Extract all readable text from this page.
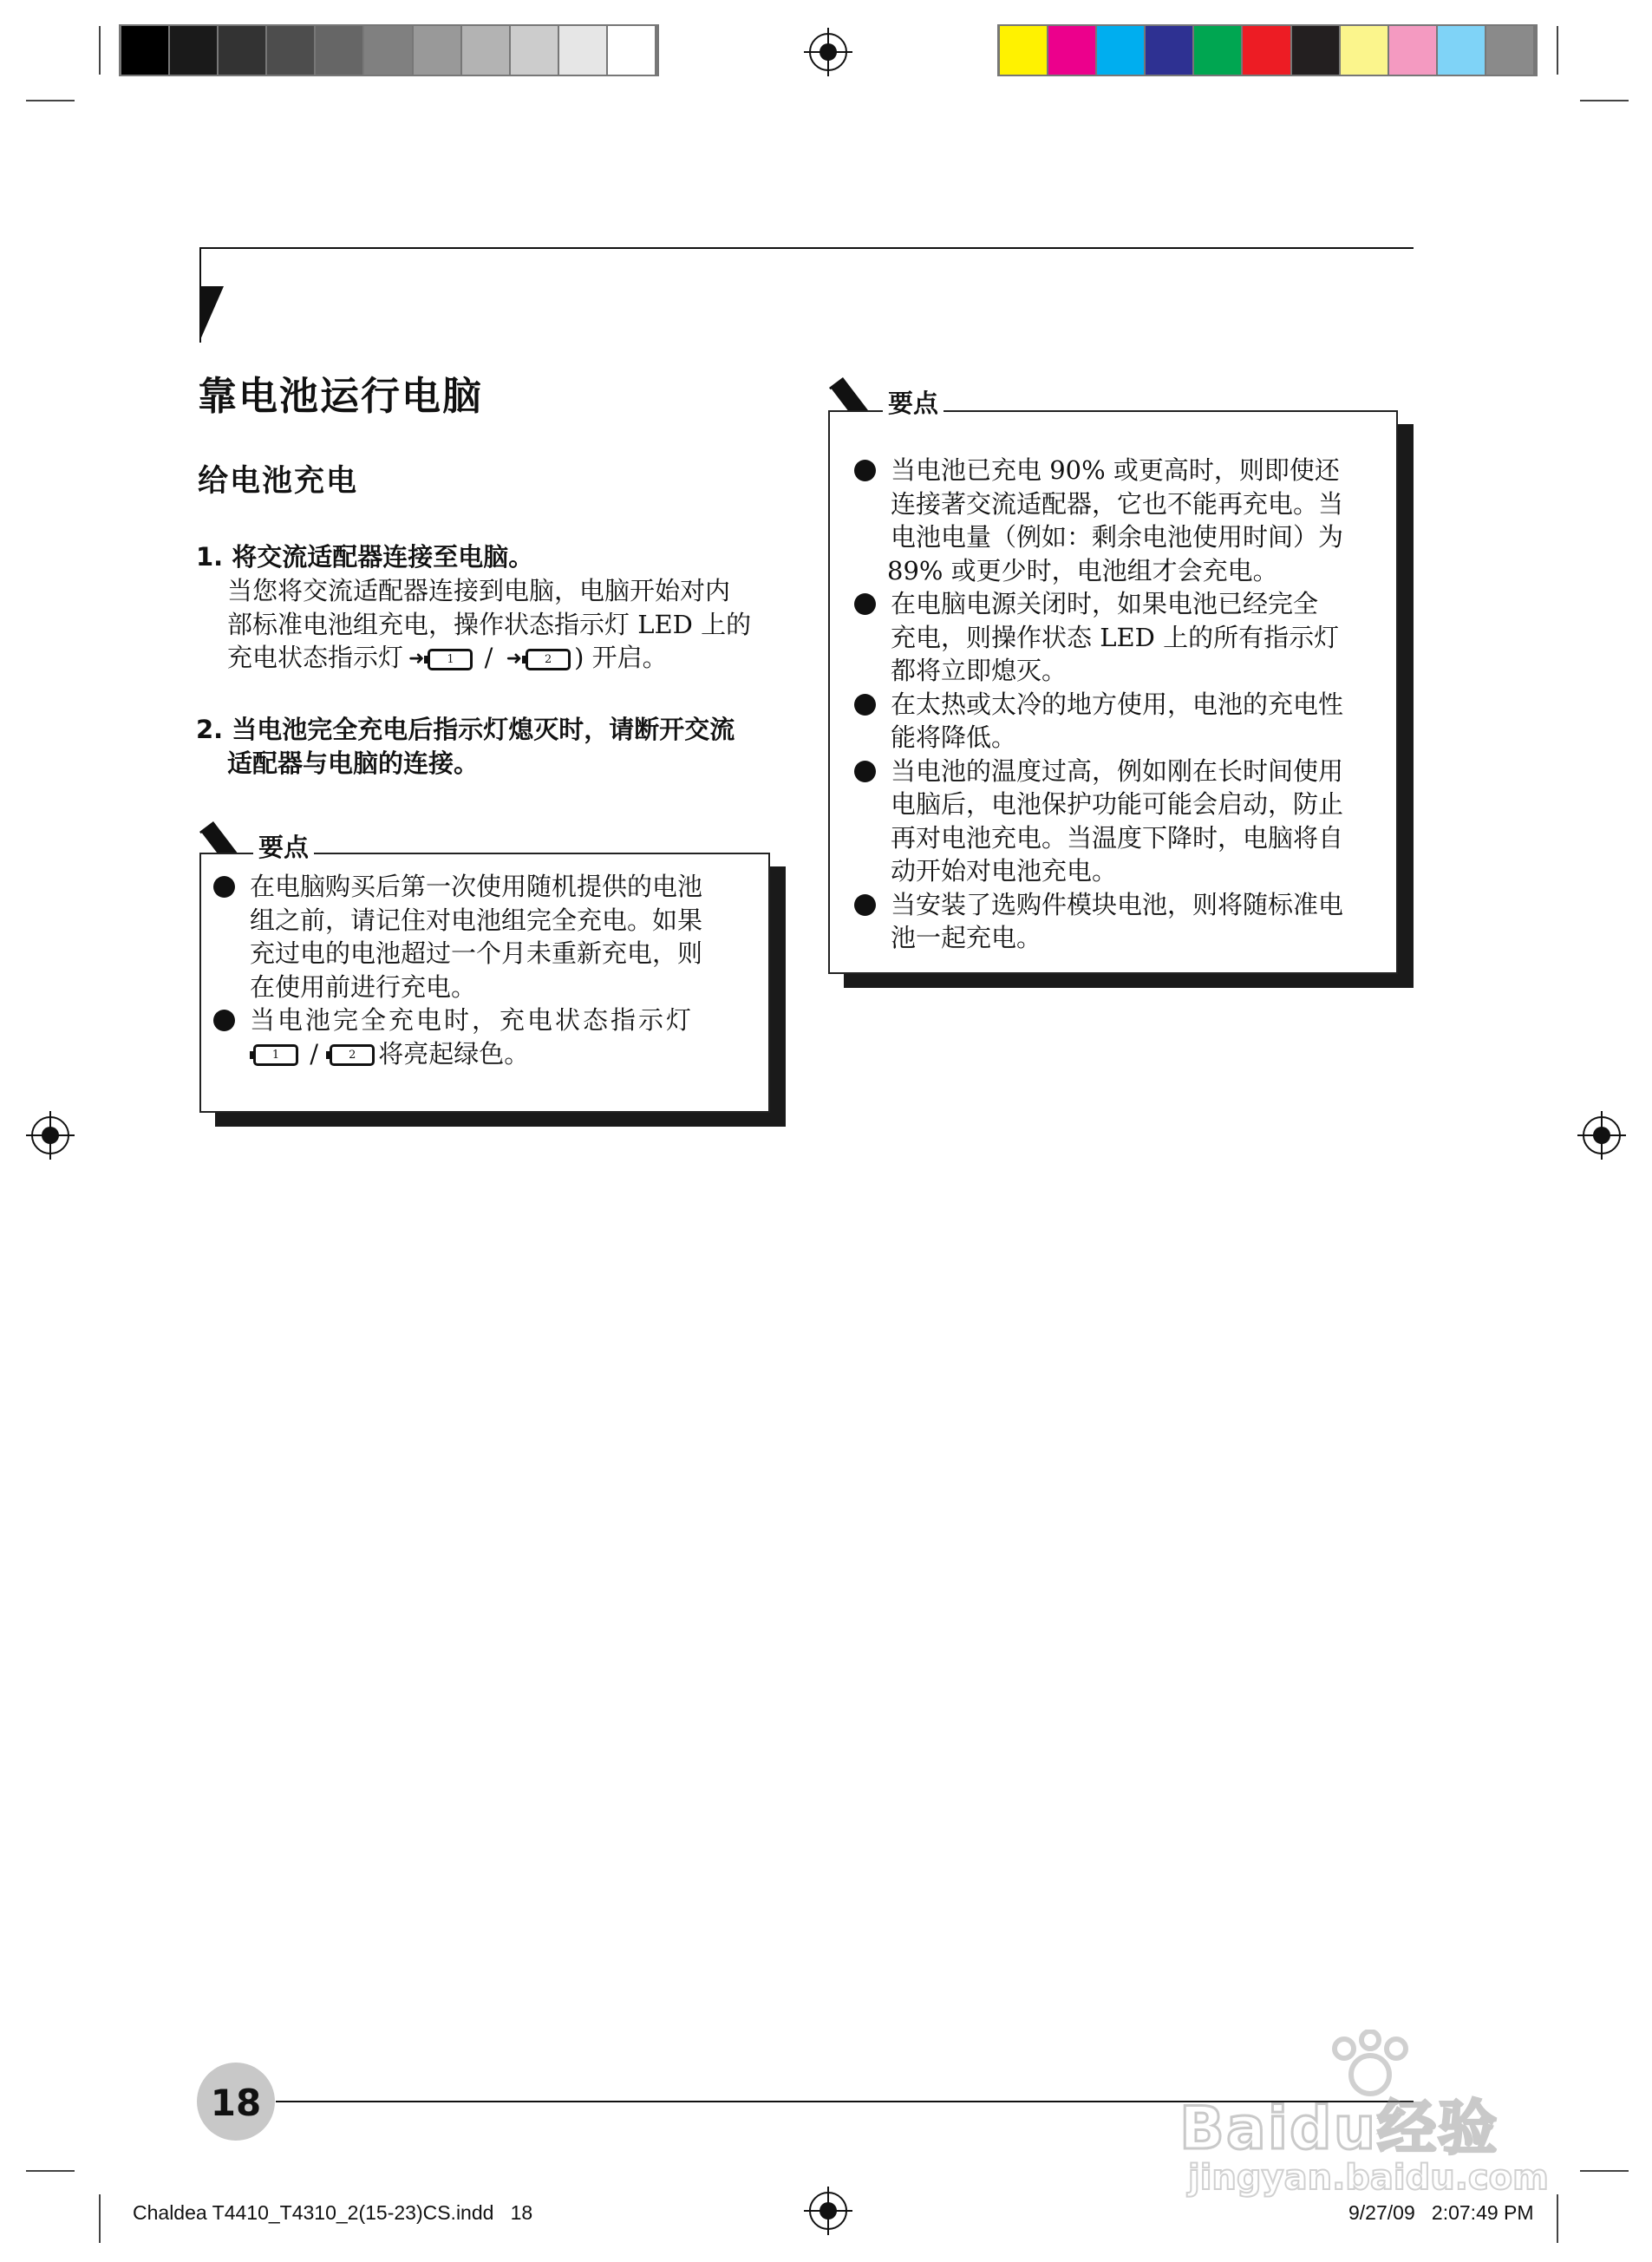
靠电池运行电脑
给电池充电
1. 将交流适配器连接至电脑。
当您将交流适配器连接到电脑，电脑开始对内
部标准电池组充电，操作状态指示灯 LED 上的
充电状态指示灯 ➜ 1 / ➜ 2 ) 开启。
2. 当电池完全充电后指示灯熄灭时，请断开交流
适配器与电脑的连接。
在电脑购买后第一次使用随机提供的电池
组之前，请记住对电池组完全充电。如果
充过电的电池超过一个月未重新充电，则
在使用前进行充电。
当电池完全充电时，充电状态指示灯
1 /	2 将亮起绿色。
要点
当电池已充电 90% 或更高时，则即使还
连接著交流适配器，它也不能再充电。当
电池电量（例如：剩余电池使用时间）为
89% 或更少时，电池组才会充电。
在电脑电源关闭时，如果电池已经完全
充电，则操作状态 LED 上的所有指示灯
都将立即熄灭。
在太热或太冷的地方使用，电池的充电性
能将降低。
当电池的温度过高，例如刚在长时间使用
电脑后，电池保护功能可能会启动，防止
再对电池充电。当温度下降时，电脑将自
动开始对电池充电。
当安装了选购件模块电池，则将随标准电
池一起充电。
要点
18	Baidu经验
jingyan.baidu.com
Chaldea T4410_T4310_2(15-23)CS.indd   18	9/27/09   2:07:49 PM
